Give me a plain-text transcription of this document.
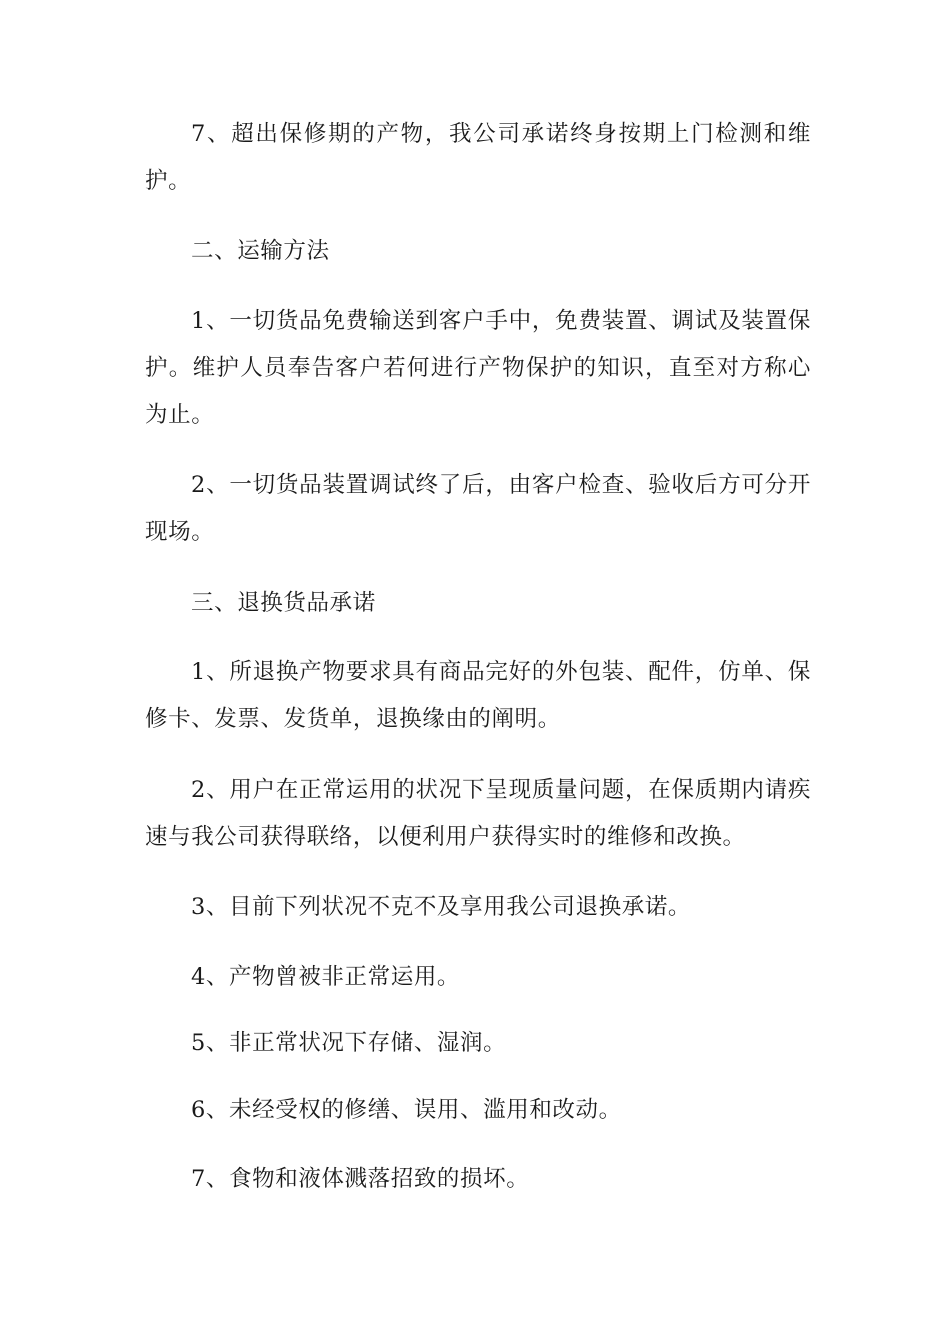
7、超出保修期的产物，我公司承诺终身按期上门检测和维护。

二、运输方法

1、一切货品免费输送到客户手中，免费装置、调试及装置保护。维护人员奉告客户若何进行产物保护的知识，直至对方称心为止。

2、一切货品装置调试终了后，由客户检查、验收后方可分开现场。

三、退换货品承诺

1、所退换产物要求具有商品完好的外包装、配件，仿单、保修卡、发票、发货单，退换缘由的阐明。

2、用户在正常运用的状况下呈现质量问题，在保质期内请疾速与我公司获得联络，以便利用户获得实时的维修和改换。

3、目前下列状况不克不及享用我公司退换承诺。

4、产物曾被非正常运用。

5、非正常状况下存储、湿润。

6、未经受权的修缮、误用、滥用和改动。

7、食物和液体溅落招致的损坏。
